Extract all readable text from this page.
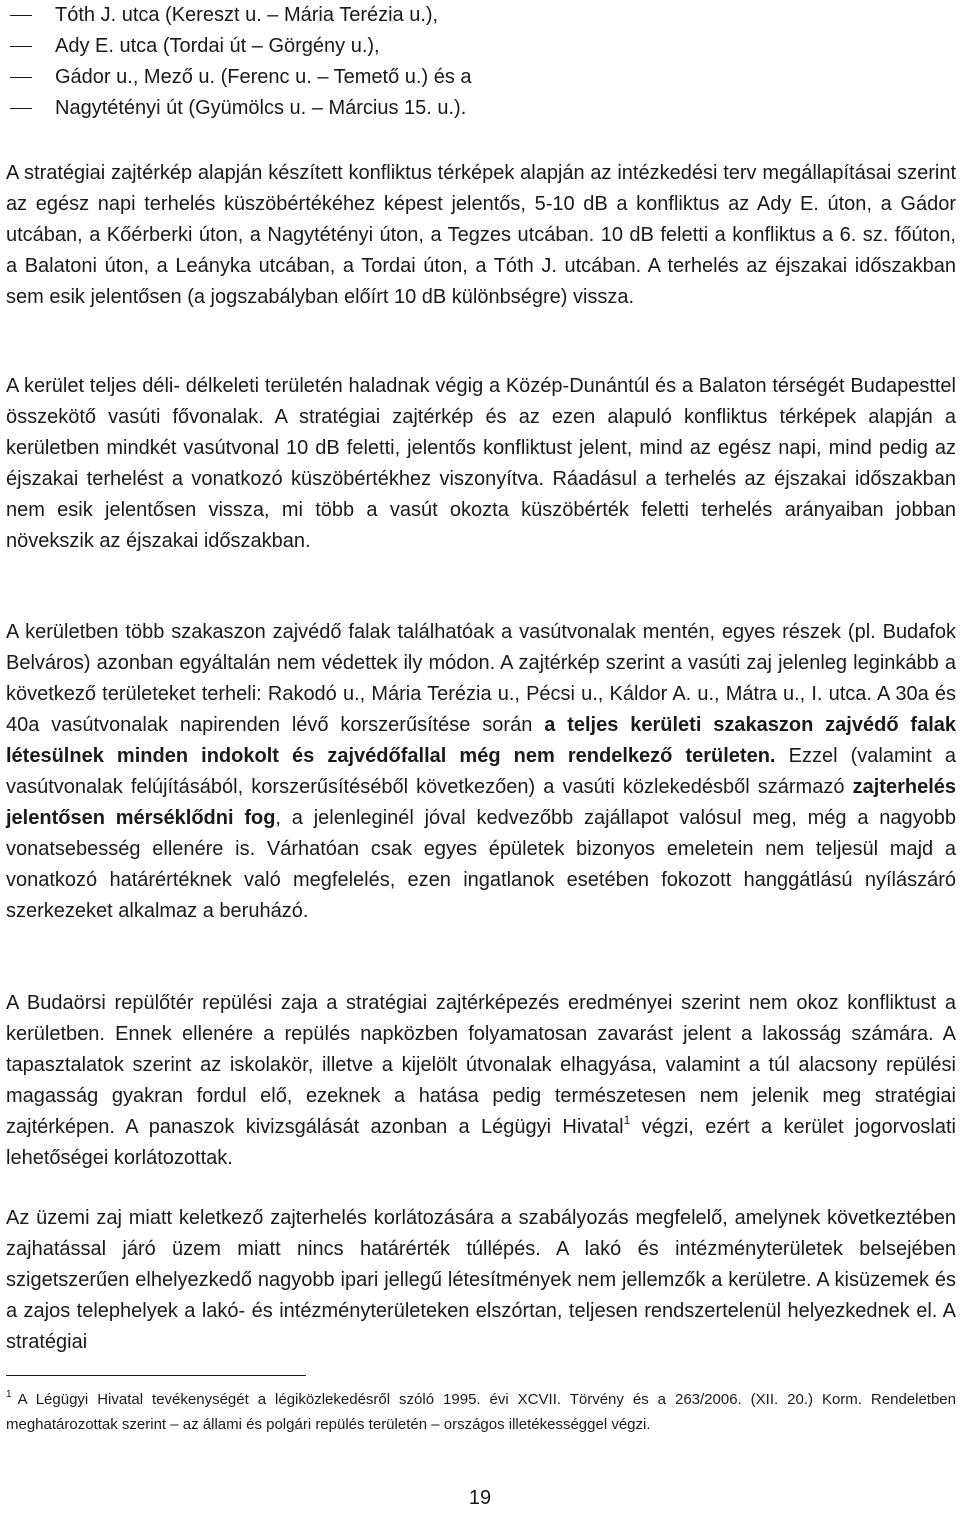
Tóth J. utca (Kereszt u. – Mária Terézia u.),
Ady E. utca (Tordai út – Görgény u.),
Gádor u., Mező u. (Ferenc u. – Temető u.) és a
Nagytétényi út (Gyümölcs u. – Március 15. u.).

A stratégiai zajtérkép alapján készített konfliktus térképek alapján az intézkedési terv megállapításai szerint az egész napi terhelés küszöbértékéhez képest jelentős, 5-10 dB a konfliktus az Ady E. úton, a Gádor utcában, a Kőérberki úton, a Nagytétényi úton, a Tegzes utcában. 10 dB feletti a konfliktus a 6. sz. főúton, a Balatoni úton, a Leányka utcában, a Tordai úton, a Tóth J. utcában. A terhelés az éjszakai időszakban sem esik jelentősen (a jogszabályban előírt 10 dB különbségre) vissza.

A kerület teljes déli- délkeleti területén haladnak végig a Közép-Dunántúl és a Balaton térségét Budapesttel összekötő vasúti fővonalak. A stratégiai zajtérkép és az ezen alapuló konfliktus térképek alapján a kerületben mindkét vasútvonal 10 dB feletti, jelentős konfliktust jelent, mind az egész napi, mind pedig az éjszakai terhelést a vonatkozó küszöbértékhez viszonyítva. Ráadásul a terhelés az éjszakai időszakban nem esik jelentősen vissza, mi több a vasút okozta küszöbérték feletti terhelés arányaiban jobban növekszik az éjszakai időszakban.

A kerületben több szakaszon zajvédő falak találhatóak a vasútvonalak mentén, egyes részek (pl. Budafok Belváros) azonban egyáltalán nem védettek ily módon. A zajtérkép szerint a vasúti zaj jelenleg leginkább a következő területeket terheli: Rakodó u., Mária Terézia u., Pécsi u., Káldor A. u., Mátra u., I. utca. A 30a és 40a vasútvonalak napirenden lévő korszerűsítése során a teljes kerületi szakaszon zajvédő falak létesülnek minden indokolt és zajvédőfallal még nem rendelkező területen. Ezzel (valamint a vasútvonalak felújításából, korszerűsítéséből következően) a vasúti közlekedésből származó zajterhelés jelentősen mérséklődni fog, a jelenleginél jóval kedvezőbb zajállapot valósul meg, még a nagyobb vonatsebesség ellenére is. Várhatóan csak egyes épületek bizonyos emeletein nem teljesül majd a vonatkozó határértéknek való megfelelés, ezen ingatlanok esetében fokozott hanggátlású nyílászáró szerkezeket alkalmaz a beruházó.

A Budaörsi repülőtér repülési zaja a stratégiai zajtérképezés eredményei szerint nem okoz konfliktust a kerületben. Ennek ellenére a repülés napközben folyamatosan zavarást jelent a lakosság számára. A tapasztalatok szerint az iskolakör, illetve a kijelölt útvonalak elhagyása, valamint a túl alacsony repülési magasság gyakran fordul elő, ezeknek a hatása pedig természetesen nem jelenik meg stratégiai zajtérképen. A panaszok kivizsgálását azonban a Légügyi Hivatal$^1$ végzi, ezért a kerület jogorvoslati lehetőségei korlátozottak.

Az üzemi zaj miatt keletkező zajterhelés korlátozására a szabályozás megfelelő, amelynek következtében zajhatással járó üzem miatt nincs határérték túllépés. A lakó és intézményterületek belsejében szigetszerűen elhelyezkedő nagyobb ipari jellegű létesítmények nem jellemzők a kerületre. A kisüzemek és a zajos telephelyek a lakó- és intézményterületeken elszórtan, teljesen rendszertelenül helyezkednek el. A stratégiai

$^1$ A Légügyi Hivatal tevékenységét a légiközlekedésről szóló 1995. évi XCVII. Törvény és a 263/2006. (XII. 20.) Korm. Rendeletben meghatározottak szerint – az állami és polgári repülés területén – országos illetékességgel végzi.

19
